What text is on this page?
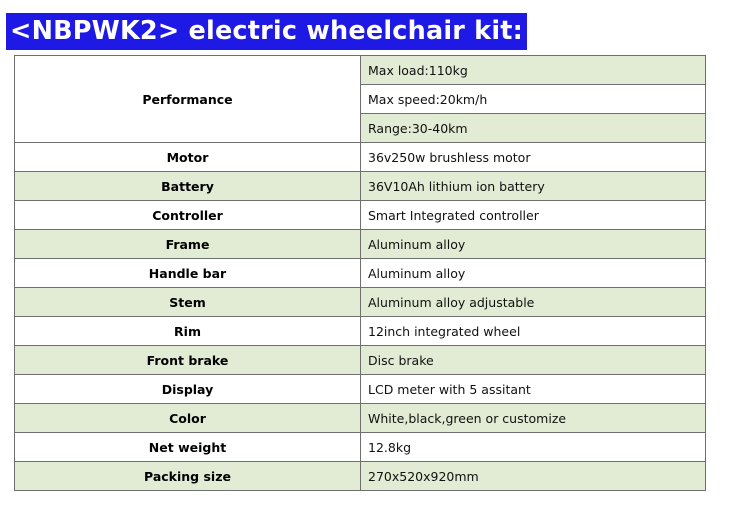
<NBPWK2> electric wheelchair kit:
Performance	Max load:110kg
	Max speed:20km/h
	Range:30-40km
Motor	36v250w brushless motor
Battery	36V10Ah lithium ion battery
Controller	Smart Integrated controller
Frame	Aluminum alloy
Handle bar	Aluminum alloy
Stem	Aluminum alloy adjustable
Rim	12inch integrated wheel
Front brake	Disc brake
Display	LCD meter with 5 assitant
Color	White,black,green or customize
Net weight	12.8kg
Packing size	270x520x920mm
